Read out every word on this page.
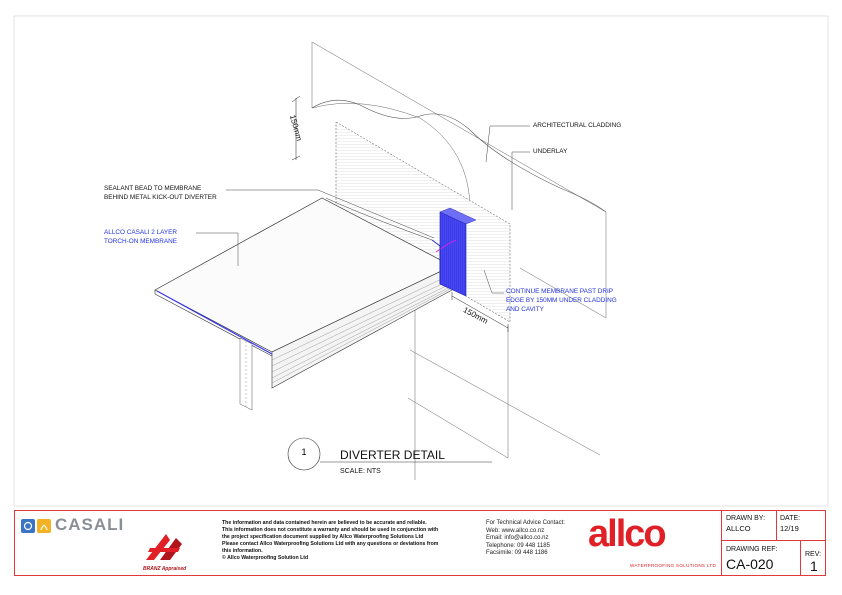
150mm
150mm
ARCHITECTURAL CLADDING
UNDERLAY
SEALANT BEAD TO MEMBRANE
BEHIND METAL KICK-OUT DIVERTER
ALLCO CASALI 2 LAYER
TORCH-ON MEMBRANE
CONTINUE MEMBRANE PAST DRIP
EDGE BY 150MM UNDER CLADDING
AND CAVITY
1	DIVERTER DETAIL
SCALE: NTS
CASALI
BRANZ Appraised
The information and data contained herein are believed to be accurate and reliable.
This information does not constitute a warranty and should be used in conjunction with
the project specification document supplied by Allco Waterproofing Solutions Ltd
Please contact Allco Waterproofing Solutions Ltd with any questions or deviations from
this information.
© Allco Waterproofing Solution Ltd
For Technical Advice Contact:
Web: www.allco.co.nz
Email: info@allco.co.nz
Telephone: 09 448 1185
Facsimile: 09 448 1186 allco
WATERPROOFING SOLUTIONS LTD
DRAWN BY:
ALLCO
DATE:
12/19
DRAWING REF:
CA-020
REV:
1
